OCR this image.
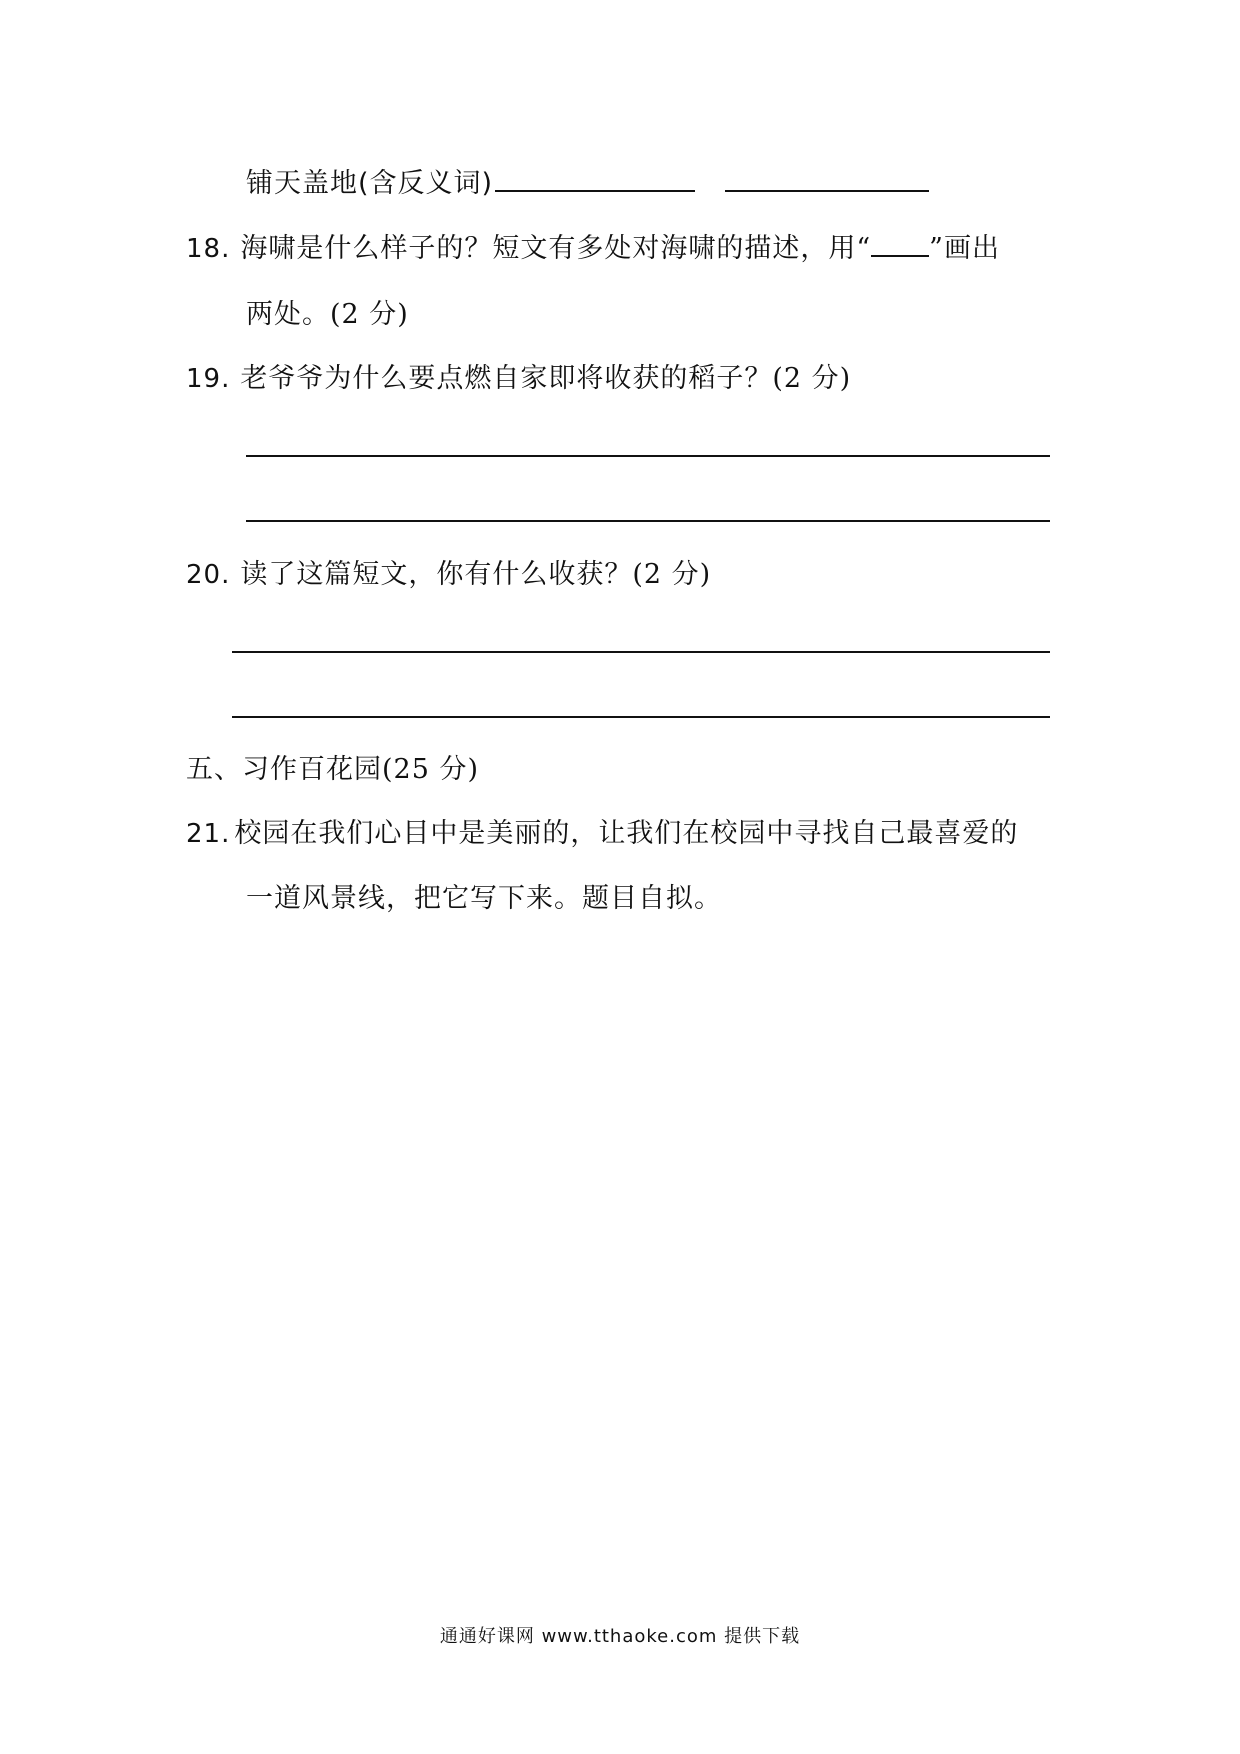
铺天盖地(含反义词)
18. 海啸是什么样子的？短文有多处对海啸的描述，用“ ”画出
两处。(2 分)
19. 老爷爷为什么要点燃自家即将收获的稻子？(2 分)
20. 读了这篇短文，你有什么收获？(2 分)
五、习作百花园(25 分)
21. 校园在我们心目中是美丽的，让我们在校园中寻找自己最喜爱的
一道风景线，把它写下来。题目自拟。
通通好课网 www.tthaoke.com 提供下载
